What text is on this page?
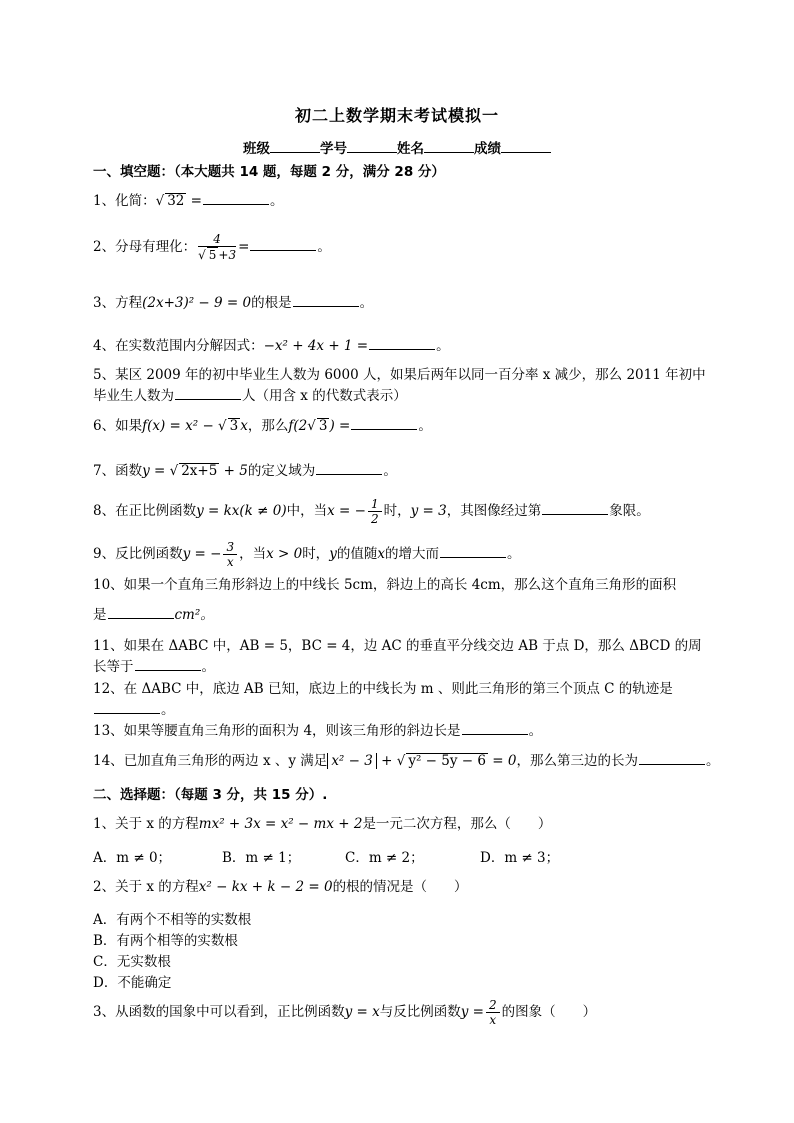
初二上数学期末考试模拟一
班级	学号	姓名	成绩
一、填空题：（本大题共 14 题，每题 2 分，满分 28 分）
1、化简：√ 32 =	。
2、分母有理化： $\frac{4}{√ 5 +3}$ =	。
3、方程(2x+3)² − 9 = 0的根是	。
4、在实数范围内分解因式：−x² + 4x + 1 =	。
5、某区 2009 年的初中毕业生人数为 6000 人，如果后两年以同一百分率 x 减少，那么 2011 年初中
毕业生人数为	人（用含 x 的代数式表示）
6、如果f(x) = x² − √ 3 x，那么f(2√ 3 ) =	。
7、函数y = √ 2x+5 + 5的定义域为	。
8、在正比例函数y = kx(k ≠ 0)中，当x = − $\frac{1}{2}$ 时，y = 3，其图像经过第	象限。
9、反比例函数y = − $\frac{3}{x}$ ，当x > 0时，y的值随x的增大而	。
10、如果一个直角三角形斜边上的中线长 5cm，斜边上的高长 4cm，那么这个直角三角形的面积
是	cm²。
11、如果在 ΔABC 中，AB = 5，BC = 4，边 AC 的垂直平分线交边 AB 于点 D，那么 ΔBCD 的周
长等于	。
12、在 ΔABC 中，底边 AB 已知，底边上的中线长为 m 、则此三角形的第三个顶点 C 的轨迹是
。
13、如果等腰直角三角形的面积为 4，则该三角形的斜边长是	。
14、已加直角三角形的两边 x 、y 满足 x² − 3 + √ y² − 5y − 6 = 0，那么第三边的长为	。
二、选择题：（每题 3 分，共 15 分）.
1、关于 x 的方程mx² + 3x = x² − mx + 2是一元二次方程，那么（　　）
A．m ≠ 0；	B．m ≠ 1；	C．m ≠ 2；	D．m ≠ 3；
2、关于 x 的方程x² − kx + k − 2 = 0的根的情况是（　　）
A．有两个不相等的实数根
B．有两个相等的实数根
C．无实数根
D．不能确定
3、从函数的国象中可以看到，正比例函数y = x与反比例函数$y = \frac{2}{x}$ 的图象（　　）
